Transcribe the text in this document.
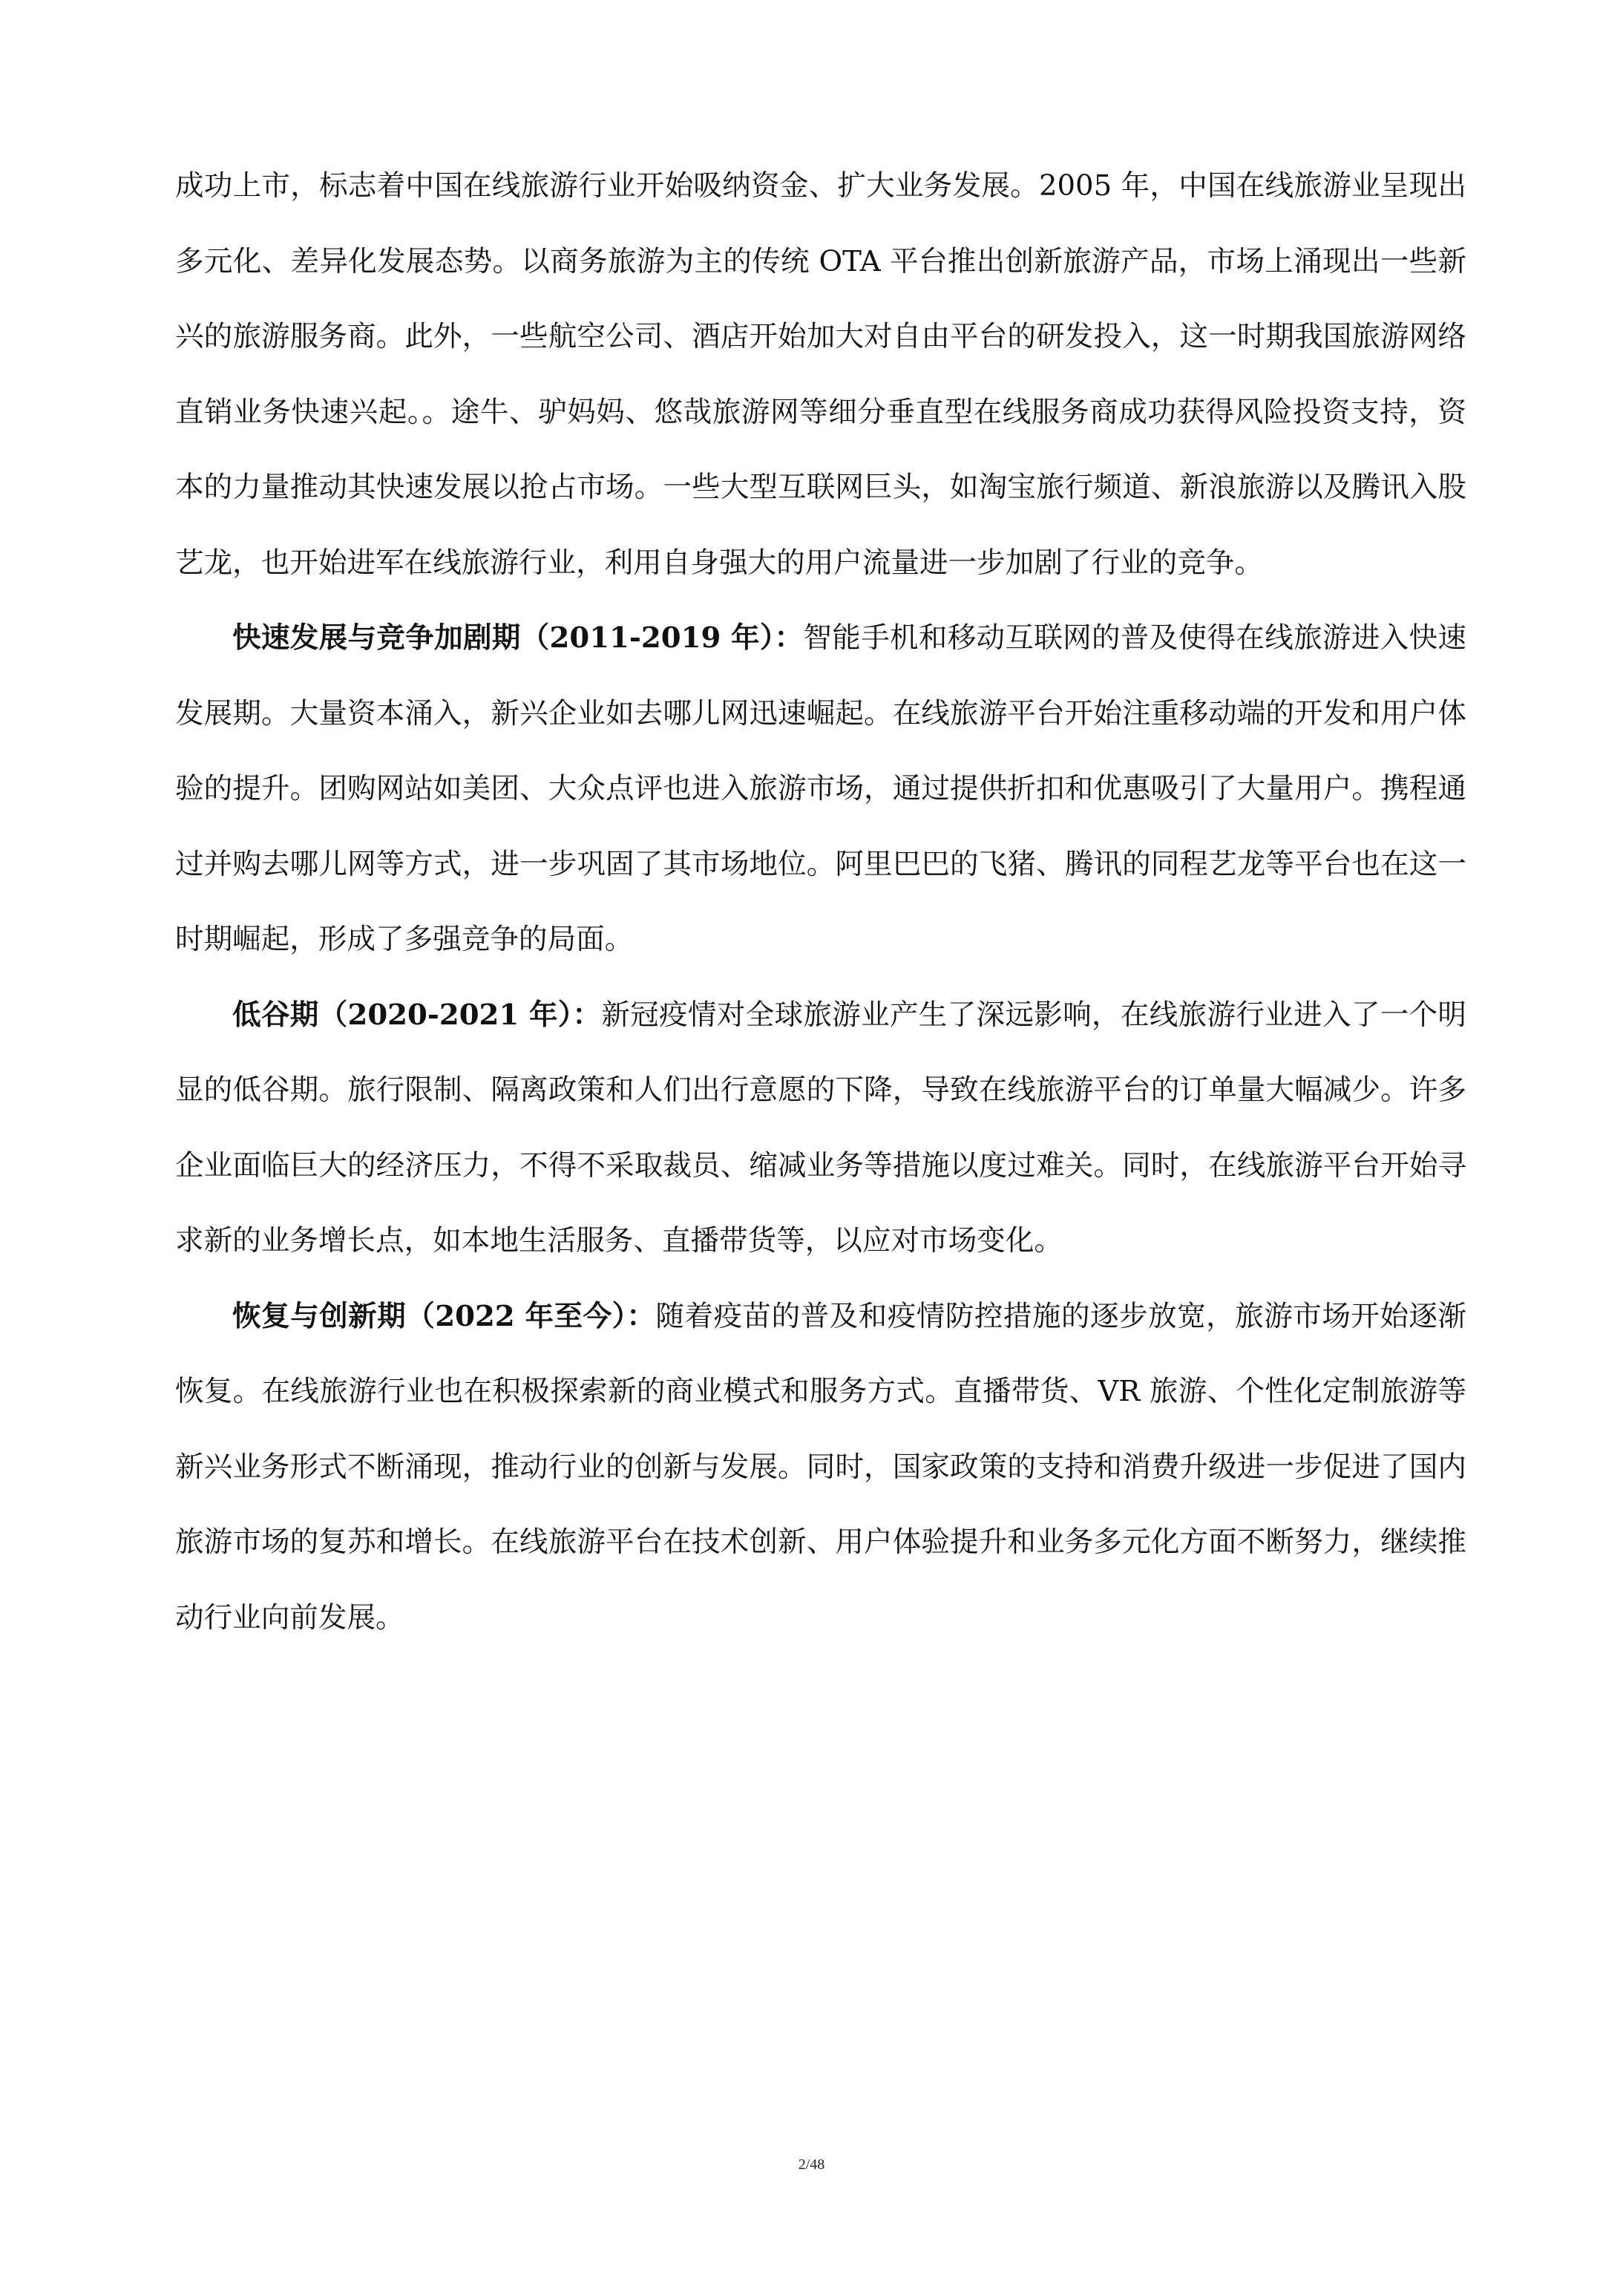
成功上市，标志着中国在线旅游行业开始吸纳资金、扩大业务发展。2005 年，中国在线旅游业呈现出多元化、差异化发展态势。以商务旅游为主的传统 OTA 平台推出创新旅游产品，市场上涌现出一些新兴的旅游服务商。此外，一些航空公司、酒店开始加大对自由平台的研发投入，这一时期我国旅游网络直销业务快速兴起。。途牛、驴妈妈、悠哉旅游网等细分垂直型在线服务商成功获得风险投资支持，资本的力量推动其快速发展以抢占市场。一些大型互联网巨头，如淘宝旅行频道、新浪旅游以及腾讯入股艺龙，也开始进军在线旅游行业，利用自身强大的用户流量进一步加剧了行业的竞争。

快速发展与竞争加剧期（2011-2019 年）：智能手机和移动互联网的普及使得在线旅游进入快速发展期。大量资本涌入，新兴企业如去哪儿网迅速崛起。在线旅游平台开始注重移动端的开发和用户体验的提升。团购网站如美团、大众点评也进入旅游市场，通过提供折扣和优惠吸引了大量用户。携程通过并购去哪儿网等方式，进一步巩固了其市场地位。阿里巴巴的飞猪、腾讯的同程艺龙等平台也在这一时期崛起，形成了多强竞争的局面。

低谷期（2020-2021 年）：新冠疫情对全球旅游业产生了深远影响，在线旅游行业进入了一个明显的低谷期。旅行限制、隔离政策和人们出行意愿的下降，导致在线旅游平台的订单量大幅减少。许多企业面临巨大的经济压力，不得不采取裁员、缩减业务等措施以度过难关。同时，在线旅游平台开始寻求新的业务增长点，如本地生活服务、直播带货等，以应对市场变化。

恢复与创新期（2022 年至今）：随着疫苗的普及和疫情防控措施的逐步放宽，旅游市场开始逐渐恢复。在线旅游行业也在积极探索新的商业模式和服务方式。直播带货、VR 旅游、个性化定制旅游等新兴业务形式不断涌现，推动行业的创新与发展。同时，国家政策的支持和消费升级进一步促进了国内旅游市场的复苏和增长。在线旅游平台在技术创新、用户体验提升和业务多元化方面不断努力，继续推动行业向前发展。

2/48
